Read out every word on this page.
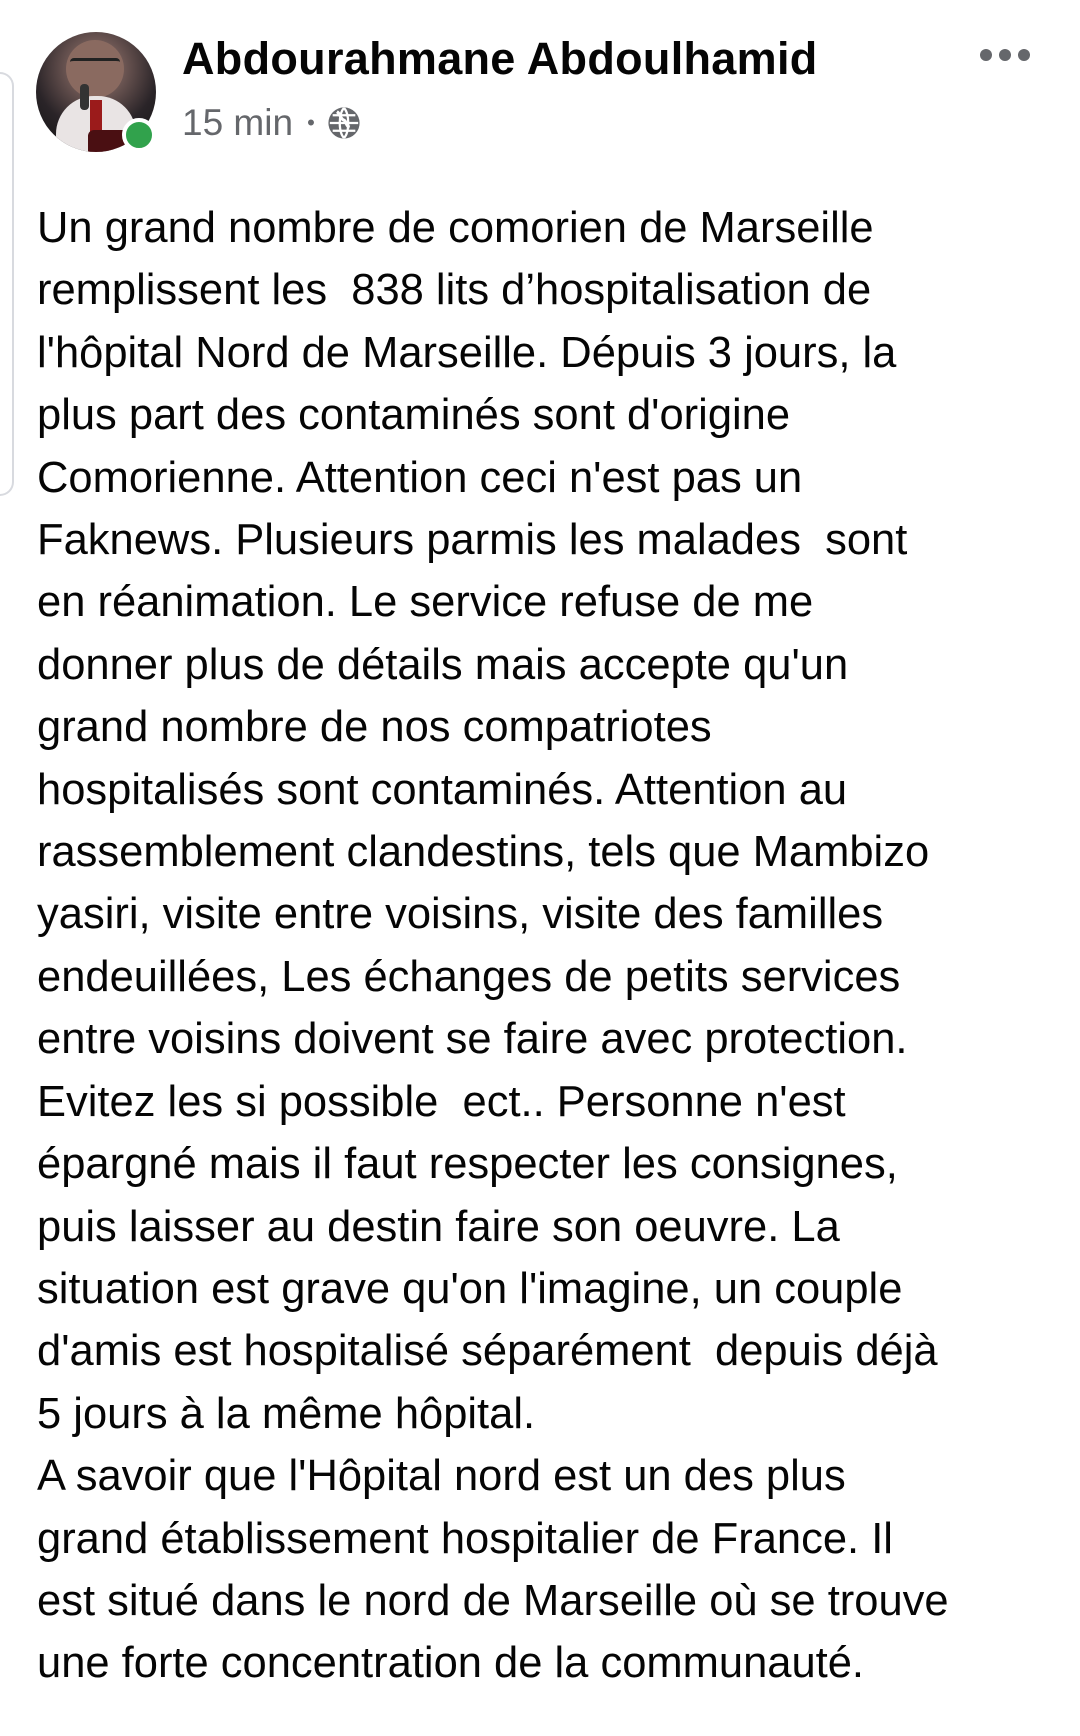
Abdourahmane Abdoulhamid
15 min •

Un grand nombre de comorien de Marseille
remplissent les  838 lits d’hospitalisation de
l'hôpital Nord de Marseille. Dépuis 3 jours, la
plus part des contaminés sont d'origine
Comorienne. Attention ceci n'est pas un
Faknews. Plusieurs parmis les malades  sont
en réanimation. Le service refuse de me
donner plus de détails mais accepte qu'un
grand nombre de nos compatriotes
hospitalisés sont contaminés. Attention au
rassemblement clandestins, tels que Mambizo
yasiri, visite entre voisins, visite des familles
endeuillées, Les échanges de petits services
entre voisins doivent se faire avec protection.
Evitez les si possible  ect.. Personne n'est
épargné mais il faut respecter les consignes,
puis laisser au destin faire son oeuvre. La
situation est grave qu'on l'imagine, un couple
d'amis est hospitalisé séparément  depuis déjà
5 jours à la même hôpital.
A savoir que l'Hôpital nord est un des plus
grand établissement hospitalier de France. Il
est situé dans le nord de Marseille où se trouve
une forte concentration de la communauté.
